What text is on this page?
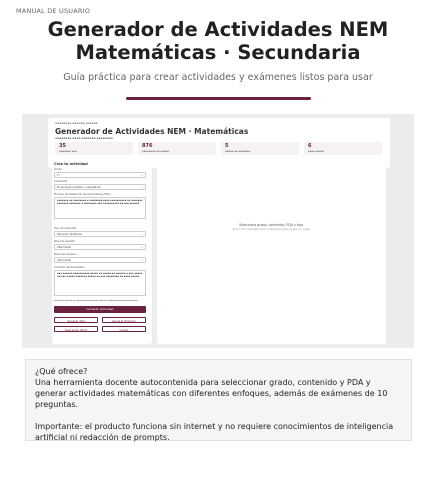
MANUAL DE USUARIO
Generador de Actividades NEM
Matemáticas · Secundaria
Guía práctica para crear actividades y exámenes listos para usar
▪▪▪▪▪▪▪▪ ▪▪▪▪▪▪ ▪▪▪▪▪▪
Generador de Actividades NEM · Matemáticas
▪▪▪▪▪▪▪▪ ▪▪▪▪ ▪▪▪▪▪▪▪ ▪▪▪▪▪▪▪▪
35
▪▪▪▪▪▪▪ ▪▪▪
876
▪▪▪▪▪▪▪▪ ▪▪ ▪▪▪▪▪
5
▪▪▪▪▪ ▪▪ ▪▪▪▪▪▪▪
6
▪▪▪▪ ▪▪▪▪▪
Crea tu actividad
Grado
1° ⌄
Contenido
Ecuaciones lineales y cuadráticas ⌄
Proceso de Desarrollo de Aprendizaje (PDA)
▪▪▪▪▪▪▪ ▪▪ ▪▪▪▪▪▪▪▪ ▪ ▪▪▪▪▪▪▪▪ ▪▪▪▪ ▪▪▪▪▪▪▪▪▪▪ ▪▪ ▪▪▪▪▪▪▪ ▪▪▪▪▪▪▪ ▪▪▪▪▪▪▪ ▪ ▪▪▪▪▪▪▪▪ ▪▪▪ ▪▪▪▪▪▪▪▪▪▪ ▪▪ ▪▪▪ ▪▪▪▪▪▪
Tipo de actividad
Situación Problema ⌄
Nivel de desafío
Intermedio ⌄
Nivel del examen
Intermedio ⌄
Contexto Personalizado
▪▪▪ ▪▪▪▪▪▪ ▪▪▪▪▪▪▪▪▪▪ ▪▪▪▪▪ ▪▪ ▪▪▪▪▪ ▪▪ ▪▪▪▪▪▪ ▪ ▪▪▪ ▪▪▪▪▪ ▪▪ ▪▪▪ ▪▪▪▪▪ ▪▪▪▪▪▪▪ ▪▪▪▪▪ ▪▪ ▪▪▪ ▪▪▪▪▪▪▪▪ ▪▪ ▪▪▪▪ ▪▪▪▪▪
▪▪▪▪▪▪ ▪▪ ▪▪▪▪▪▪ ▪▪ ▪▪▪▪▪▪▪▪▪ ▪▪▪▪▪▪▪▪▪ ▪▪▪▪▪ ▪▪ ▪▪▪▪▪▪▪ ▪▪▪▪▪▪▪▪▪▪ ▪▪▪▪▪▪
Generar actividad
Generar Alta	Generar Examen
Descargar Word	Copiar
Selecciona grado, contenido, PDA y tipo.
El Circuito completo está configurado para ayudar en clase.
¿Qué ofrece?

Una herramienta docente autocontenida para seleccionar grado, contenido y PDA y generar actividades matemáticas con diferentes enfoques, además de exámenes de 10 preguntas.

Importante: el producto funciona sin internet y no requiere conocimientos de inteligencia artificial ni redacción de prompts.
